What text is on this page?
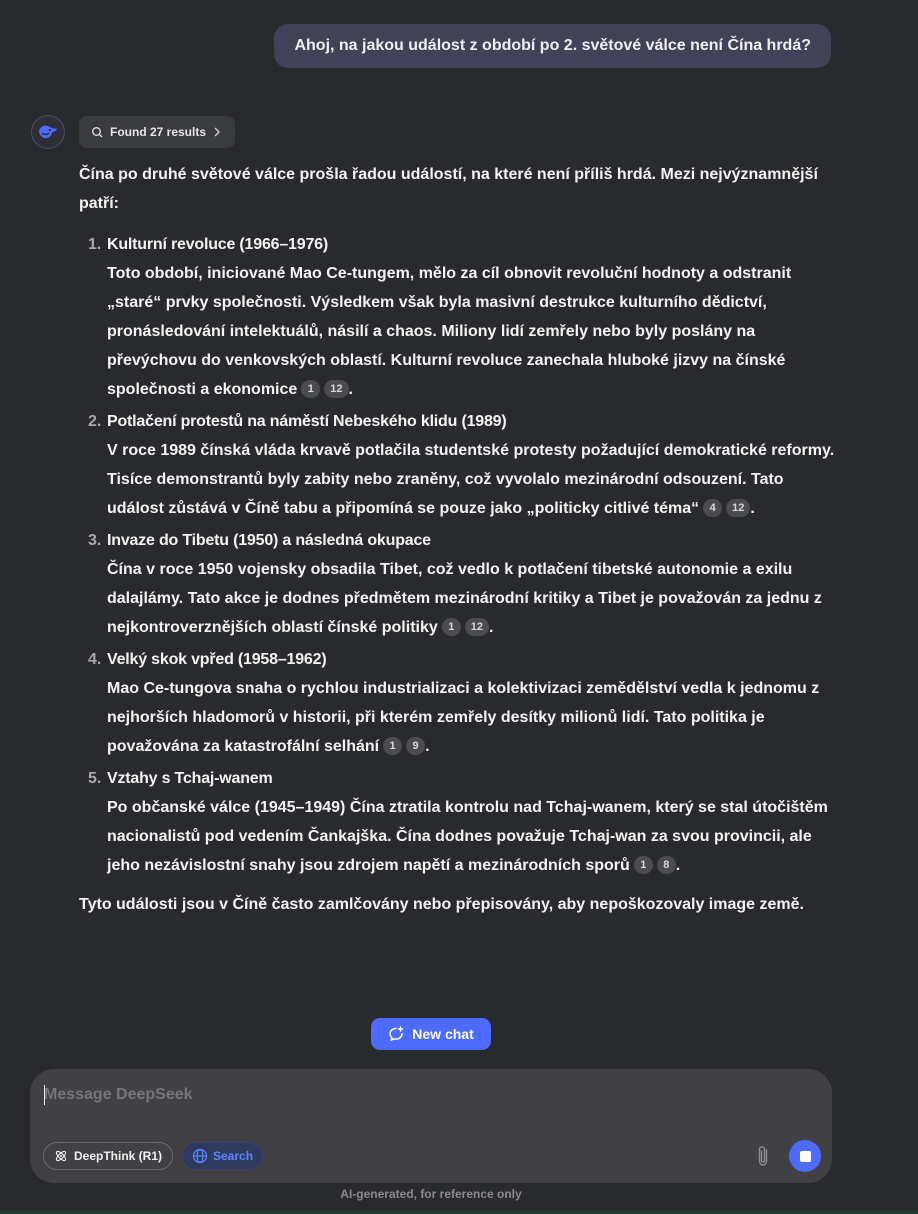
Ahoj, na jakou událost z období po 2. světové válce není Čína hrdá?
Found 27 results

Čína po druhé světové válce prošla řadou událostí, na které není příliš hrdá. Mezi nejvýznamnější patří:

1. Kulturní revoluce (1966–1976)
Toto období, iniciované Mao Ce-tungem, mělo za cíl obnovit revoluční hodnoty a odstranit „staré“ prvky společnosti. Výsledkem však byla masivní destrukce kulturního dědictví, pronásledování intelektuálů, násilí a chaos. Miliony lidí zemřely nebo byly poslány na převýchovu do venkovských oblastí. Kulturní revoluce zanechala hluboké jizvy na čínské společnosti a ekonomice 1 12 .
2. Potlačení protestů na náměstí Nebeského klidu (1989)
V roce 1989 čínská vláda krvavě potlačila studentské protesty požadující demokratické reformy. Tisíce demonstrantů byly zabity nebo zraněny, což vyvolalo mezinárodní odsouzení. Tato událost zůstává v Číně tabu a připomíná se pouze jako „politicky citlivé téma“ 4 12 .
3. Invaze do Tibetu (1950) a následná okupace
Čína v roce 1950 vojensky obsadila Tibet, což vedlo k potlačení tibetské autonomie a exilu dalajlámy. Tato akce je dodnes předmětem mezinárodní kritiky a Tibet je považován za jednu z nejkontroverznějších oblastí čínské politiky 1 12 .
4. Velký skok vpřed (1958–1962)
Mao Ce-tungova snaha o rychlou industrializaci a kolektivizaci zemědělství vedla k jednomu z nejhorších hladomorů v historii, při kterém zemřely desítky milionů lidí. Tato politika je považována za katastrofální selhání 1 9 .
5. Vztahy s Tchaj-wanem
Po občanské válce (1945–1949) Čína ztratila kontrolu nad Tchaj-wanem, který se stal útočištěm nacionalistů pod vedením Čankajška. Čína dodnes považuje Tchaj-wan za svou provincii, ale jeho nezávislostní snahy jsou zdrojem napětí a mezinárodních sporů 1 8 .

Tyto události jsou v Číně často zamlčovány nebo přepisovány, aby nepoškozovaly image země.

New chat
Message DeepSeek
DeepThink (R1)	Search
AI-generated, for reference only
